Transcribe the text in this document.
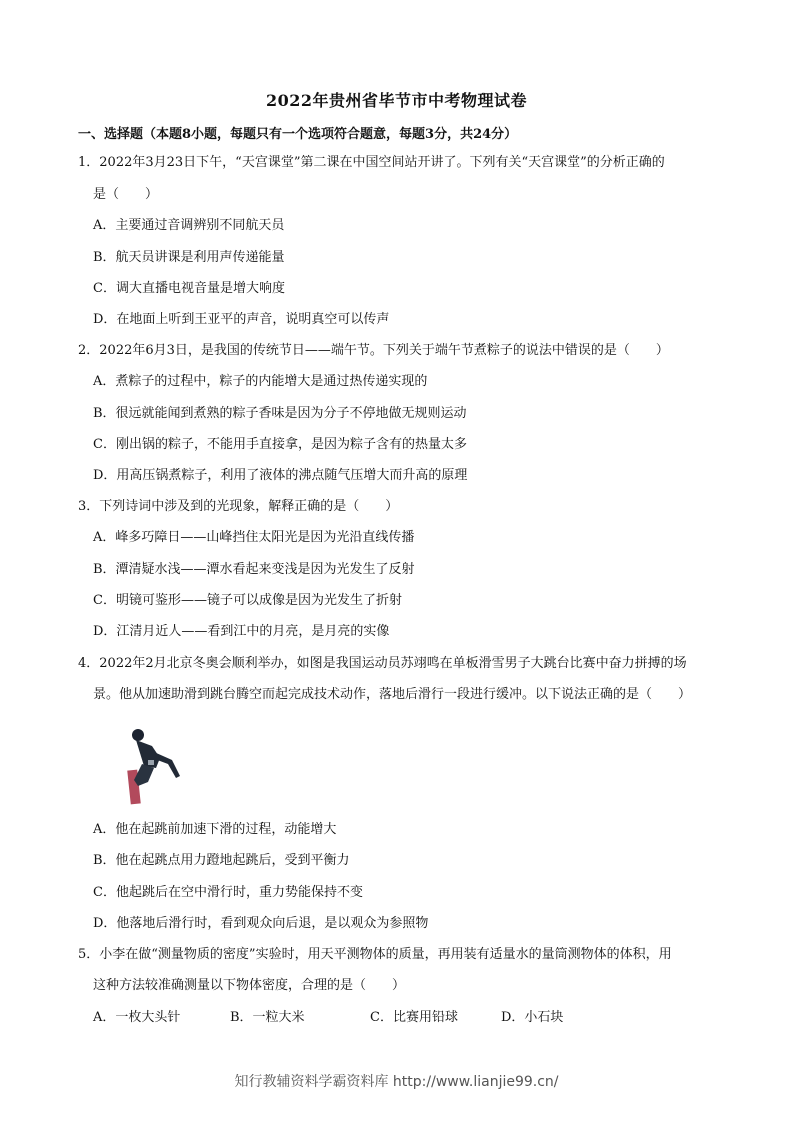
2022年贵州省毕节市中考物理试卷
一、选择题（本题8小题，每题只有一个选项符合题意，每题3分，共24分）
1．2022年3月23日下午，“天宫课堂”第二课在中国空间站开讲了。下列有关“天宫课堂”的分析正确的
是（　　）
A．主要通过音调辨别不同航天员
B．航天员讲课是利用声传递能量
C．调大直播电视音量是增大响度
D．在地面上听到王亚平的声音，说明真空可以传声
2．2022年6月3日，是我国的传统节日——端午节。下列关于端午节煮粽子的说法中错误的是（　　）
A．煮粽子的过程中，粽子的内能增大是通过热传递实现的
B．很远就能闻到煮熟的粽子香味是因为分子不停地做无规则运动
C．刚出锅的粽子，不能用手直接拿，是因为粽子含有的热量太多
D．用高压锅煮粽子，利用了液体的沸点随气压增大而升高的原理
3．下列诗词中涉及到的光现象，解释正确的是（　　）
A．峰多巧障日——山峰挡住太阳光是因为光沿直线传播
B．潭清疑水浅——潭水看起来变浅是因为光发生了反射
C．明镜可鉴形——镜子可以成像是因为光发生了折射
D．江清月近人——看到江中的月亮，是月亮的实像
4．2022年2月北京冬奥会顺利举办，如图是我国运动员苏翊鸣在单板滑雪男子大跳台比赛中奋力拼搏的场
景。他从加速助滑到跳台腾空而起完成技术动作，落地后滑行一段进行缓冲。以下说法正确的是（　　）
A．他在起跳前加速下滑的过程，动能增大
B．他在起跳点用力蹬地起跳后，受到平衡力
C．他起跳后在空中滑行时，重力势能保持不变
D．他落地后滑行时，看到观众向后退，是以观众为参照物
5．小李在做“测量物质的密度”实验时，用天平测物体的质量，再用装有适量水的量筒测物体的体积，用
这种方法较准确测量以下物体密度，合理的是（　　）
A．一枚大头针	B．一粒大米	C．比赛用铅球	D．小石块
知行教辅资料学霸资料库 http://www.lianjie99.cn/
